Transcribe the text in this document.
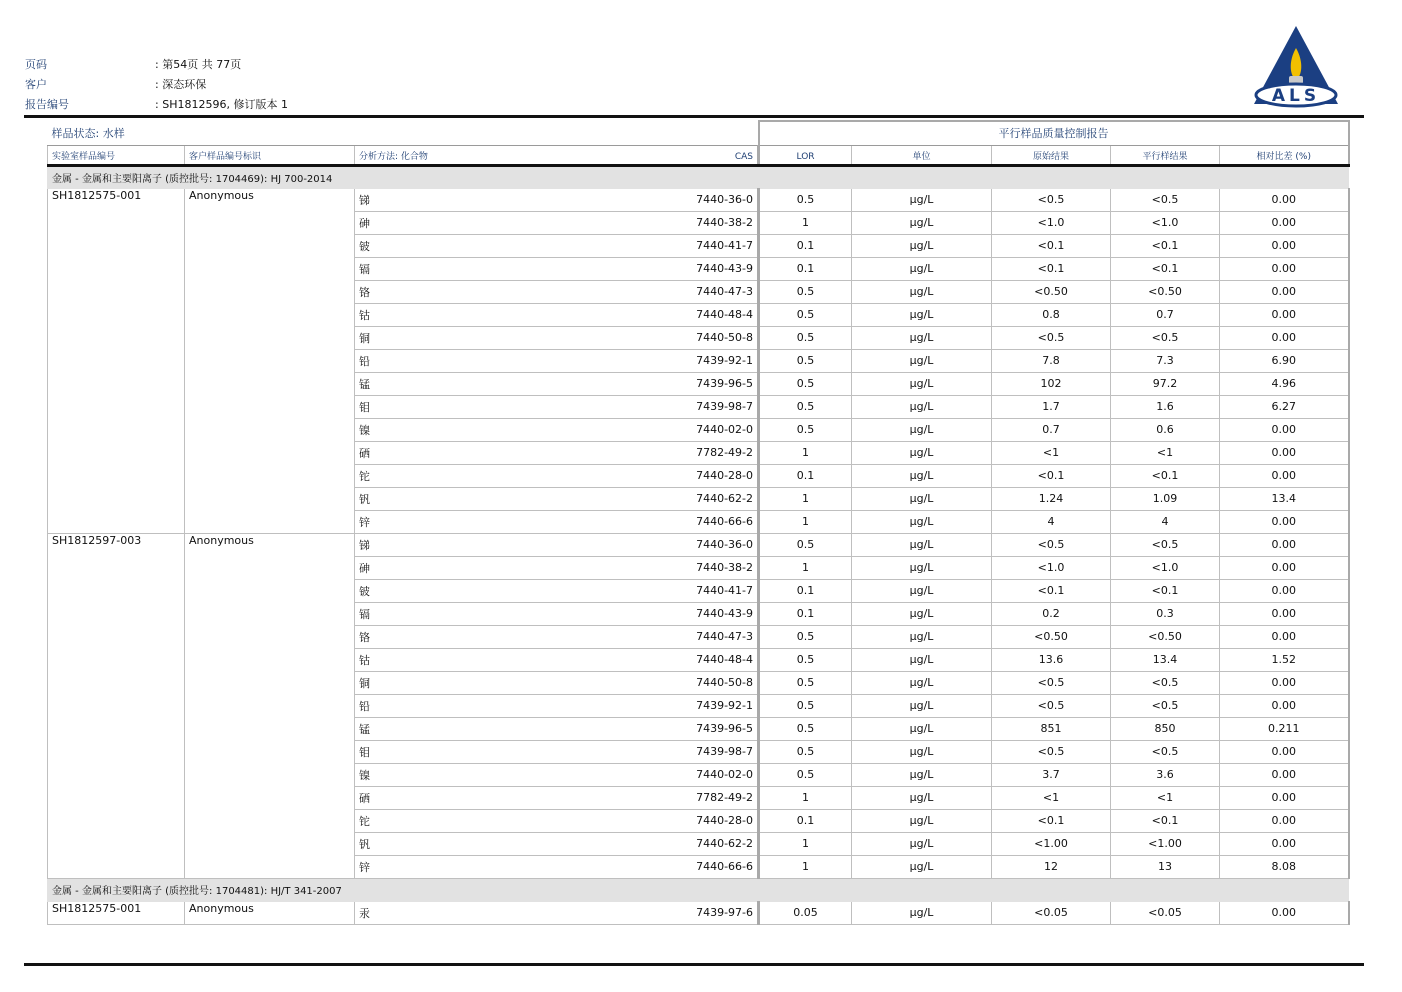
页码	: 第54页 共 77页
客户	: 深态环保
报告编号	: SH1812596, 修订版本 1	ALS
样品状态: 水样				平行样品质量控制报告				
实验室样品编号	客户样品编号标识	分析方法: 化合物	CAS	LOR	单位	原始结果	平行样结果	相对比差 (%)
金属 - 金属和主要阳离子 (质控批号: 1704469): HJ 700-2014								
SH1812575-001	Anonymous	锑	7440-36-0	0.5	μg/L	<0.5	<0.5	0.00
		砷	7440-38-2	1	μg/L	<1.0	<1.0	0.00
		铍	7440-41-7	0.1	μg/L	<0.1	<0.1	0.00
		镉	7440-43-9	0.1	μg/L	<0.1	<0.1	0.00
		铬	7440-47-3	0.5	μg/L	<0.50	<0.50	0.00
		钴	7440-48-4	0.5	μg/L	0.8	0.7	0.00
		铜	7440-50-8	0.5	μg/L	<0.5	<0.5	0.00
		铅	7439-92-1	0.5	μg/L	7.8	7.3	6.90
		锰	7439-96-5	0.5	μg/L	102	97.2	4.96
		钼	7439-98-7	0.5	μg/L	1.7	1.6	6.27
		镍	7440-02-0	0.5	μg/L	0.7	0.6	0.00
		硒	7782-49-2	1	μg/L	<1	<1	0.00
		铊	7440-28-0	0.1	μg/L	<0.1	<0.1	0.00
		钒	7440-62-2	1	μg/L	1.24	1.09	13.4
		锌	7440-66-6	1	μg/L	4	4	0.00
SH1812597-003	Anonymous	锑	7440-36-0	0.5	μg/L	<0.5	<0.5	0.00
		砷	7440-38-2	1	μg/L	<1.0	<1.0	0.00
		铍	7440-41-7	0.1	μg/L	<0.1	<0.1	0.00
		镉	7440-43-9	0.1	μg/L	0.2	0.3	0.00
		铬	7440-47-3	0.5	μg/L	<0.50	<0.50	0.00
		钴	7440-48-4	0.5	μg/L	13.6	13.4	1.52
		铜	7440-50-8	0.5	μg/L	<0.5	<0.5	0.00
		铅	7439-92-1	0.5	μg/L	<0.5	<0.5	0.00
		锰	7439-96-5	0.5	μg/L	851	850	0.211
		钼	7439-98-7	0.5	μg/L	<0.5	<0.5	0.00
		镍	7440-02-0	0.5	μg/L	3.7	3.6	0.00
		硒	7782-49-2	1	μg/L	<1	<1	0.00
		铊	7440-28-0	0.1	μg/L	<0.1	<0.1	0.00
		钒	7440-62-2	1	μg/L	<1.00	<1.00	0.00
		锌	7440-66-6	1	μg/L	12	13	8.08
金属 - 金属和主要阳离子 (质控批号: 1704481): HJ/T 341-2007								
SH1812575-001	Anonymous	汞	7439-97-6	0.05	μg/L	<0.05	<0.05	0.00
